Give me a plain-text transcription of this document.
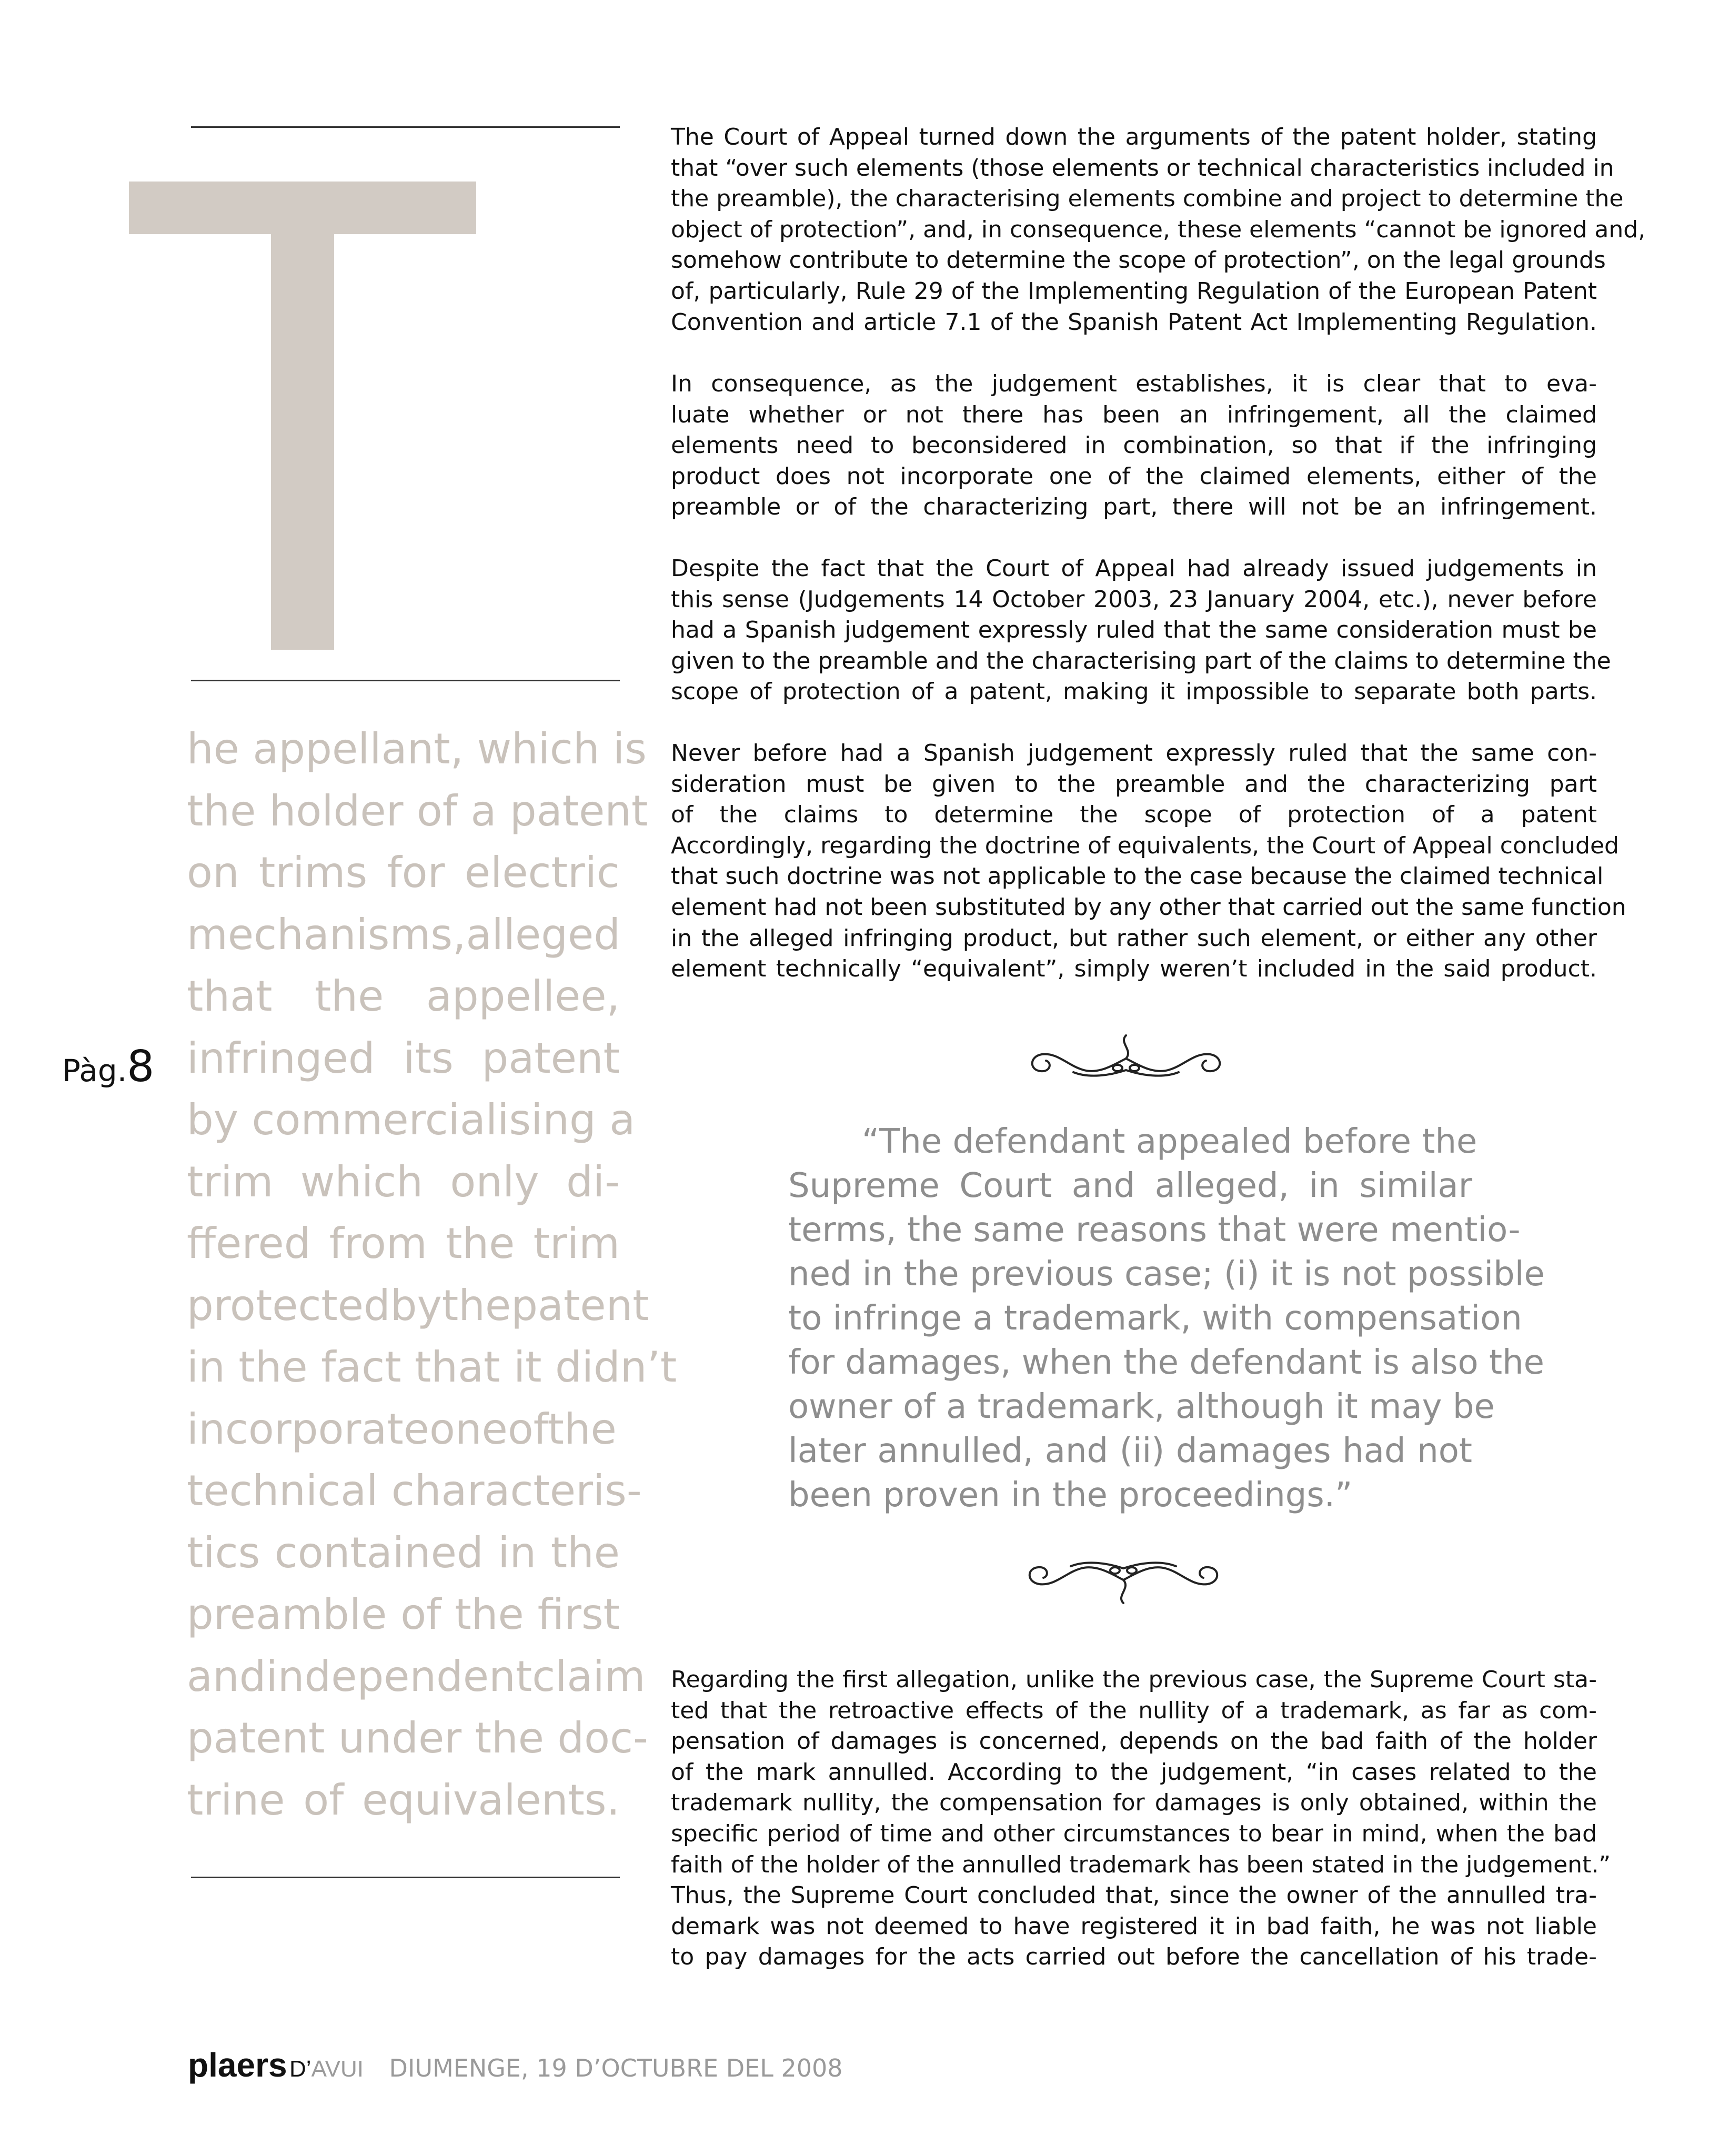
he appellant, which is
the holder of a patent
on trims for electric
mechanisms,alleged
that the appellee,
infringed its patent
by commercialising a
trim which only di-
ffered from the trim
protectedbythepatent
in the fact that it didn’t
incorporateoneofthe
technical characteris-
tics contained in the
preamble of the first
andindependentclaim
patent under the doc-
trine of equivalents.
Pàg.8
The Court of Appeal turned down the arguments of the patent holder, stating
that “over such elements (those elements or technical characteristics included in
the preamble), the characterising elements combine and project to determine the
object of protection”, and, in consequence, these elements “cannot be ignored and,
somehow contribute to determine the scope of protection”, on the legal grounds
of, particularly, Rule 29 of the Implementing Regulation of the European Patent
Convention and article 7.1 of the Spanish Patent Act Implementing Regulation.
In consequence, as the judgement establishes, it is clear that to eva-
luate whether or not there has been an infringement, all the claimed
elements need to beconsidered in combination, so that if the infringing
product does not incorporate one of the claimed elements, either of the
preamble or of the characterizing part, there will not be an infringement.
Despite the fact that the Court of Appeal had already issued judgements in
this sense (Judgements 14 October 2003, 23 January 2004, etc.), never before
had a Spanish judgement expressly ruled that the same consideration must be
given to the preamble and the characterising part of the claims to determine the
scope of protection of a patent, making it impossible to separate both parts.
Never before had a Spanish judgement expressly ruled that the same con-
sideration must be given to the preamble and the characterizing part
of the claims to determine the scope of protection of a patent
Accordingly, regarding the doctrine of equivalents, the Court of Appeal concluded
that such doctrine was not applicable to the case because the claimed technical
element had not been substituted by any other that carried out the same function
in the alleged infringing product, but rather such element, or either any other
element technically “equivalent”, simply weren’t included in the said product.
“The defendant appealed before the
Supreme Court and alleged, in similar
terms, the same reasons that were mentio-
ned in the previous case; (i) it is not possible
to infringe a trademark, with compensation
for damages, when the defendant is also the
owner of a trademark, although it may be
later annulled, and (ii) damages had not
been proven in the proceedings.”
Regarding the first allegation, unlike the previous case, the Supreme Court sta-
ted that the retroactive effects of the nullity of a trademark, as far as com-
pensation of damages is concerned, depends on the bad faith of the holder
of the mark annulled. According to the judgement, “in cases related to the
trademark nullity, the compensation for damages is only obtained, within the
specific period of time and other circumstances to bear in mind, when the bad
faith of the holder of the annulled trademark has been stated in the judgement.”
Thus, the Supreme Court concluded that, since the owner of the annulled tra-
demark was not deemed to have registered it in bad faith, he was not liable
to pay damages for the acts carried out before the cancellation of his trade-
plaers D’AVUI DIUMENGE, 19 D’OCTUBRE DEL 2008
